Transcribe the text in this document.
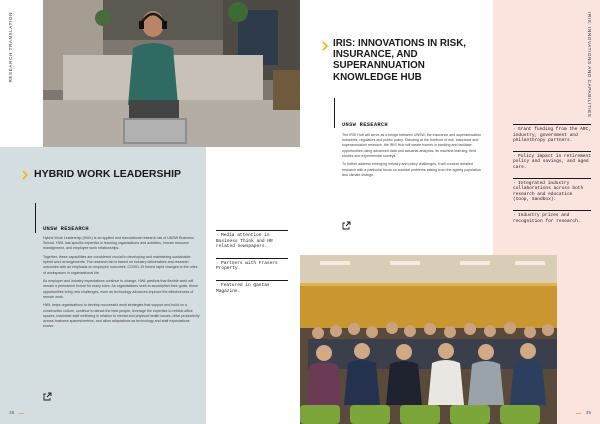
RESEARCH TRANSLATION
HYBRID WORK LEADERSHIP
UNSW RESEARCH

Hybrid Work Leadership (HWL) is an applied and translational research lab of UNSW Business School. HWL has specific expertise in learning organisations and activities, human resource management, and employee work relationships.

Together, these capabilities are considered crucial to developing and maintaining sustainable hybrid work arrangements. The research lab is based on industry deliverables and research outcomes with an emphasis on employee outcomes. COVID-19 forced rapid changes to the roles of workspaces in organisational life.

As employer and industry expectations continue to change, HWL predicts that flexible work will remain a permanent fixture for many roles. As organisations seek to accomplish their goals, these opportunities bring new challenges, even as technology advances improve the effectiveness of remote work.

HWL helps organisations to develop successful work strategies that support and build on a constructive culture, continue to attract the best people, leverage the expertise to rethink office spaces, maximise staff wellbeing in relation to mental and physical health issues, drive productivity across business spaces/metrics, and allow adaptations as technology and staff expectations evolve.

· Media attention in Business Think and HR related newspapers.
· Partners with Frasers Property.
· Featured in Qantas Magazine.
38
IRIS: INNOVATIONS AND CAPABILITIES
IRIS: INNOVATIONS IN RISK, INSURANCE, AND SUPERANNUATION KNOWLEDGE HUB
UNSW RESEARCH

The IRIS Hub will serve as a bridge between UNSW, the insurance and superannuation industries, regulators and public policy. Standing at the forefront of risk, insurance and superannuation research, the IRIS Hub will create homes in banking and facilitate opportunities using advanced data and actuarial analytics, its machine learning, field studies and experimental surveys.

To further address emerging industry and policy challenges, it will conduct detailed research with a particular focus on societal problems arising from the ageing population and climate change.

· Grant funding from the ARC, industry, government and philanthropy partners.
· Policy impact in retirement policy and savings, and aged care.
· Integrated industry collaborations across both research and education (Coop, Sandbox).
· Industry prizes and recognition for research.
39
